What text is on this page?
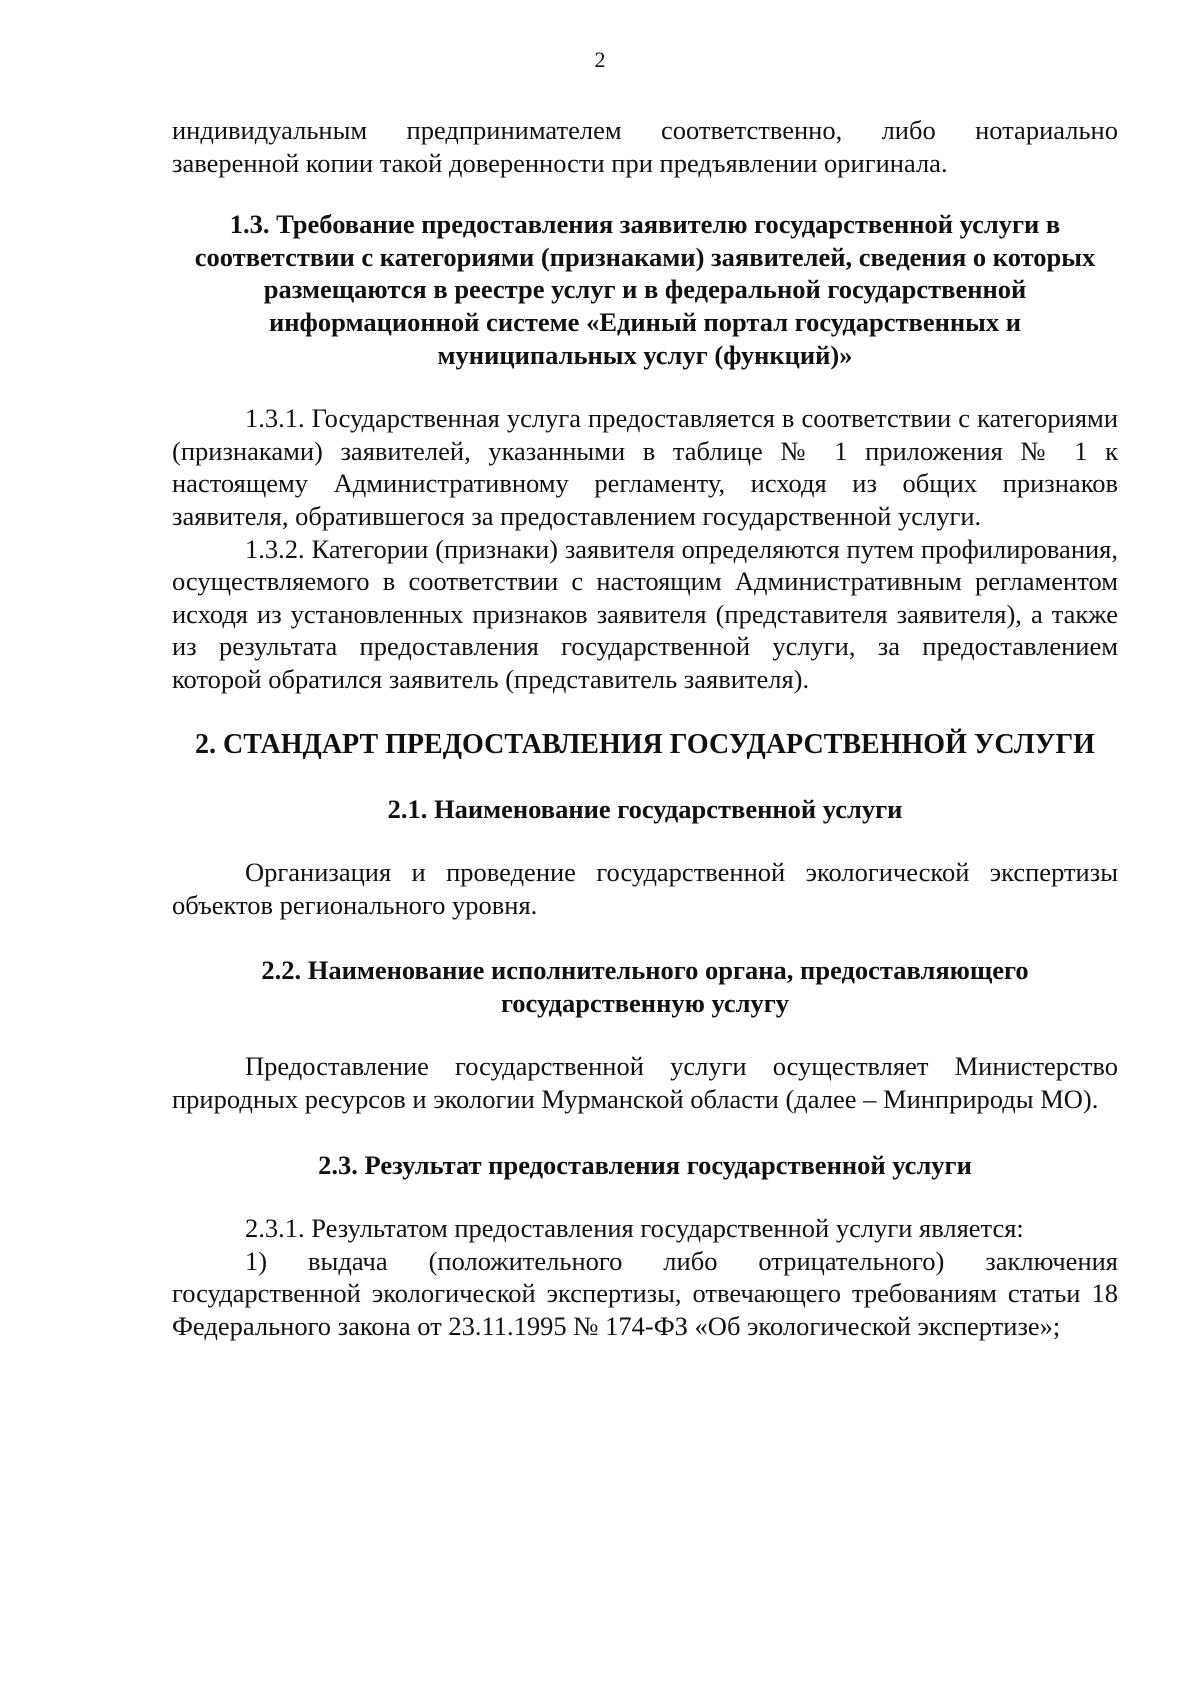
2

индивидуальным предпринимателем соответственно, либо нотариально заверенной копии такой доверенности при предъявлении оригинала.

1.3. Требование предоставления заявителю государственной услуги в соответствии с категориями (признаками) заявителей, сведения о которых размещаются в реестре услуг и в федеральной государственной информационной системе «Единый портал государственных и муниципальных услуг (функций)»

1.3.1. Государственная услуга предоставляется в соответствии с категориями (признаками) заявителей, указанными в таблице № 1 приложения № 1 к настоящему Административному регламенту, исходя из общих признаков заявителя, обратившегося за предоставлением государственной услуги.

1.3.2. Категории (признаки) заявителя определяются путем профилирования, осуществляемого в соответствии с настоящим Административным регламентом исходя из установленных признаков заявителя (представителя заявителя), а также из результата предоставления государственной услуги, за предоставлением которой обратился заявитель (представитель заявителя).

2. СТАНДАРТ ПРЕДОСТАВЛЕНИЯ ГОСУДАРСТВЕННОЙ УСЛУГИ
2.1. Наименование государственной услуги

Организация и проведение государственной экологической экспертизы объектов регионального уровня.

2.2. Наименование исполнительного органа, предоставляющего государственную услугу

Предоставление государственной услуги осуществляет Министерство природных ресурсов и экологии Мурманской области (далее – Минприроды МО).

2.3. Результат предоставления государственной услуги

2.3.1. Результатом предоставления государственной услуги является:

1) выдача (положительного либо отрицательного) заключения государственной экологической экспертизы, отвечающего требованиям статьи 18 Федерального закона от 23.11.1995 № 174-ФЗ «Об экологической экспертизе»;
